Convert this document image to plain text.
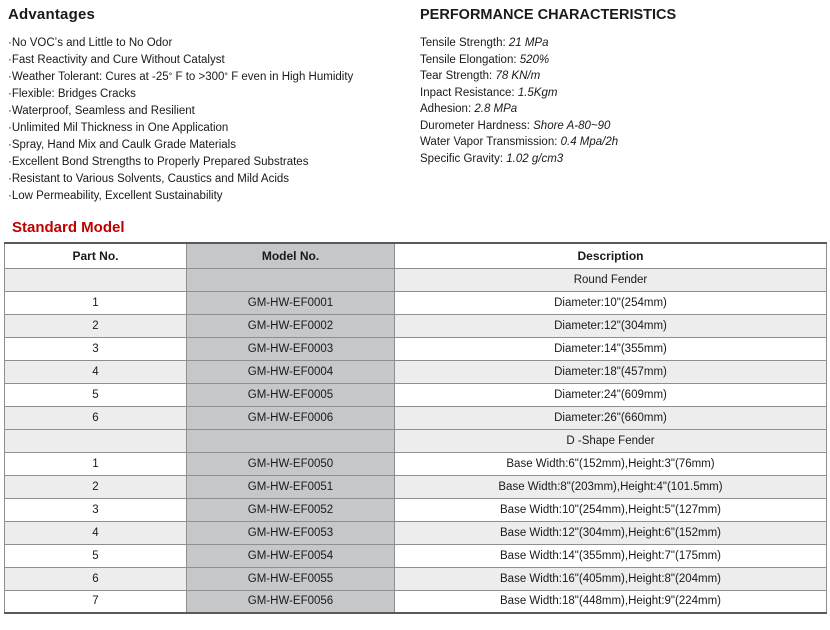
Advantages
·No VOCʼs and Little to No Odor
·Fast Reactivity and Cure Without Catalyst
·Weather Tolerant: Cures at -25° F to >300° F even in High Humidity
·Flexible: Bridges Cracks
·Waterproof, Seamless and Resilient
·Unlimited Mil Thickness in One Application
·Spray, Hand Mix and Caulk Grade Materials
·Excellent Bond Strengths to Properly Prepared Substrates
·Resistant to Various Solvents, Caustics and Mild Acids
·Low Permeability, Excellent Sustainability
PERFORMANCE CHARACTERISTICS
Tensile Strength: 21 MPa
Tensile Elongation: 520%
Tear Strength: 78 KN/m
Inpact Resistance: 1.5Kgm
Adhesion: 2.8 MPa
Durometer Hardness: Shore A-80~90
Water Vapor Transmission: 0.4 Mpa/2h
Specific Gravity: 1.02 g/cm3
Standard Model
Part No.	Model No.	Description
		Round Fender
1	GM-HW-EF0001	Diameter:10"(254mm)
2	GM-HW-EF0002	Diameter:12"(304mm)
3	GM-HW-EF0003	Diameter:14"(355mm)
4	GM-HW-EF0004	Diameter:18"(457mm)
5	GM-HW-EF0005	Diameter:24"(609mm)
6	GM-HW-EF0006	Diameter:26"(660mm)
		D -Shape Fender
1	GM-HW-EF0050	Base Width:6"(152mm),Height:3"(76mm)
2	GM-HW-EF0051	Base Width:8"(203mm),Height:4"(101.5mm)
3	GM-HW-EF0052	Base Width:10"(254mm),Height:5"(127mm)
4	GM-HW-EF0053	Base Width:12"(304mm),Height:6"(152mm)
5	GM-HW-EF0054	Base Width:14"(355mm),Height:7"(175mm)
6	GM-HW-EF0055	Base Width:16"(405mm),Height:8"(204mm)
7	GM-HW-EF0056	Base Width:18"(448mm),Height:9"(224mm)
